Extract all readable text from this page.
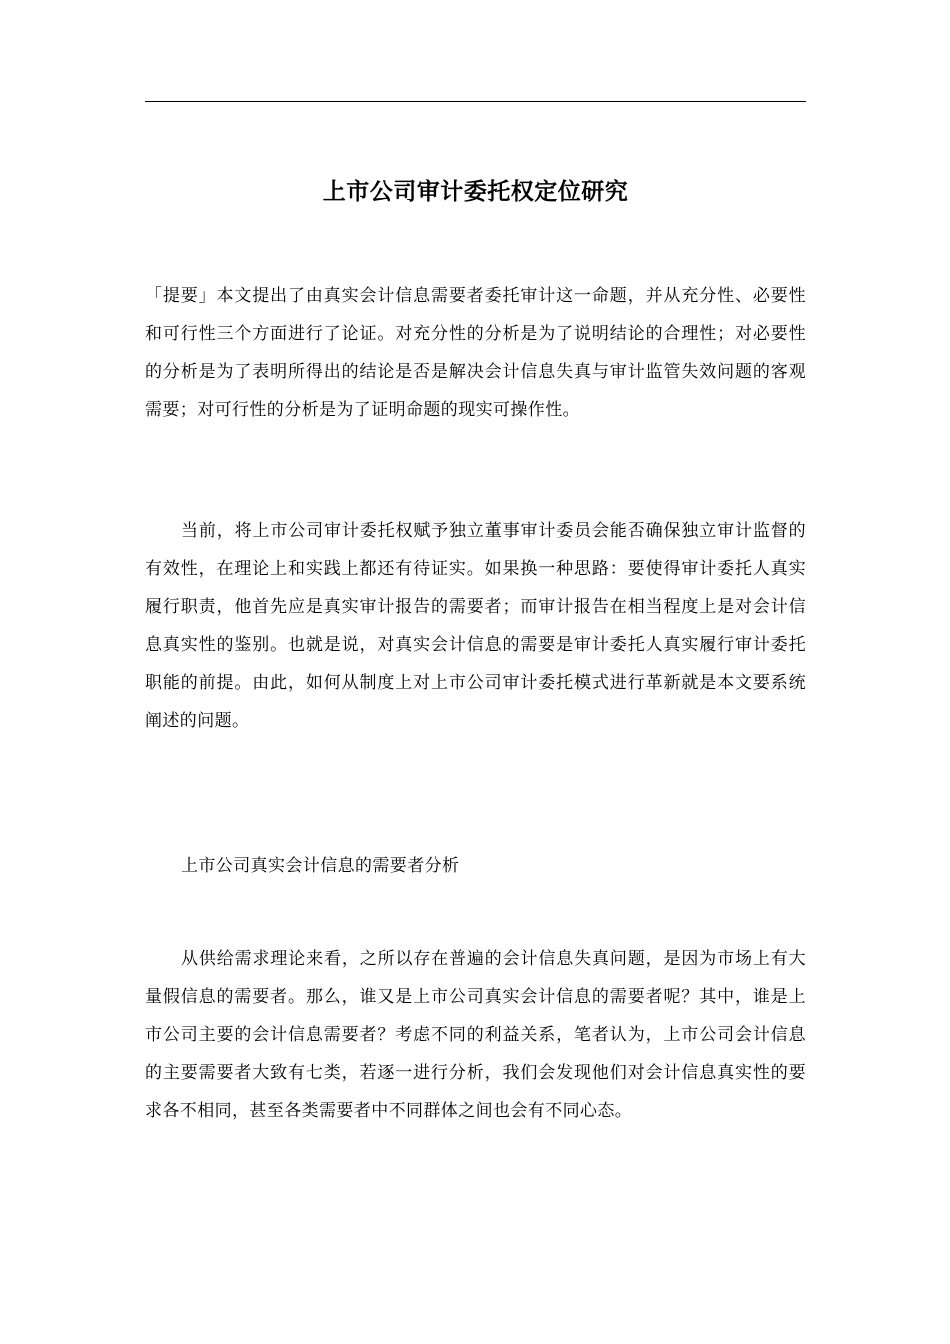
上市公司审计委托权定位研究

「提要」本文提出了由真实会计信息需要者委托审计这一命题，并从充分性、必要性和可行性三个方面进行了论证。对充分性的分析是为了说明结论的合理性；对必要性的分析是为了表明所得出的结论是否是解决会计信息失真与审计监管失效问题的客观需要；对可行性的分析是为了证明命题的现实可操作性。

当前，将上市公司审计委托权赋予独立董事审计委员会能否确保独立审计监督的有效性，在理论上和实践上都还有待证实。如果换一种思路：要使得审计委托人真实履行职责，他首先应是真实审计报告的需要者；而审计报告在相当程度上是对会计信息真实性的鉴别。也就是说，对真实会计信息的需要是审计委托人真实履行审计委托职能的前提。由此，如何从制度上对上市公司审计委托模式进行革新就是本文要系统阐述的问题。

上市公司真实会计信息的需要者分析

从供给需求理论来看，之所以存在普遍的会计信息失真问题，是因为市场上有大量假信息的需要者。那么，谁又是上市公司真实会计信息的需要者呢？其中，谁是上市公司主要的会计信息需要者？考虑不同的利益关系，笔者认为，上市公司会计信息的主要需要者大致有七类，若逐一进行分析，我们会发现他们对会计信息真实性的要求各不相同，甚至各类需要者中不同群体之间也会有不同心态。
